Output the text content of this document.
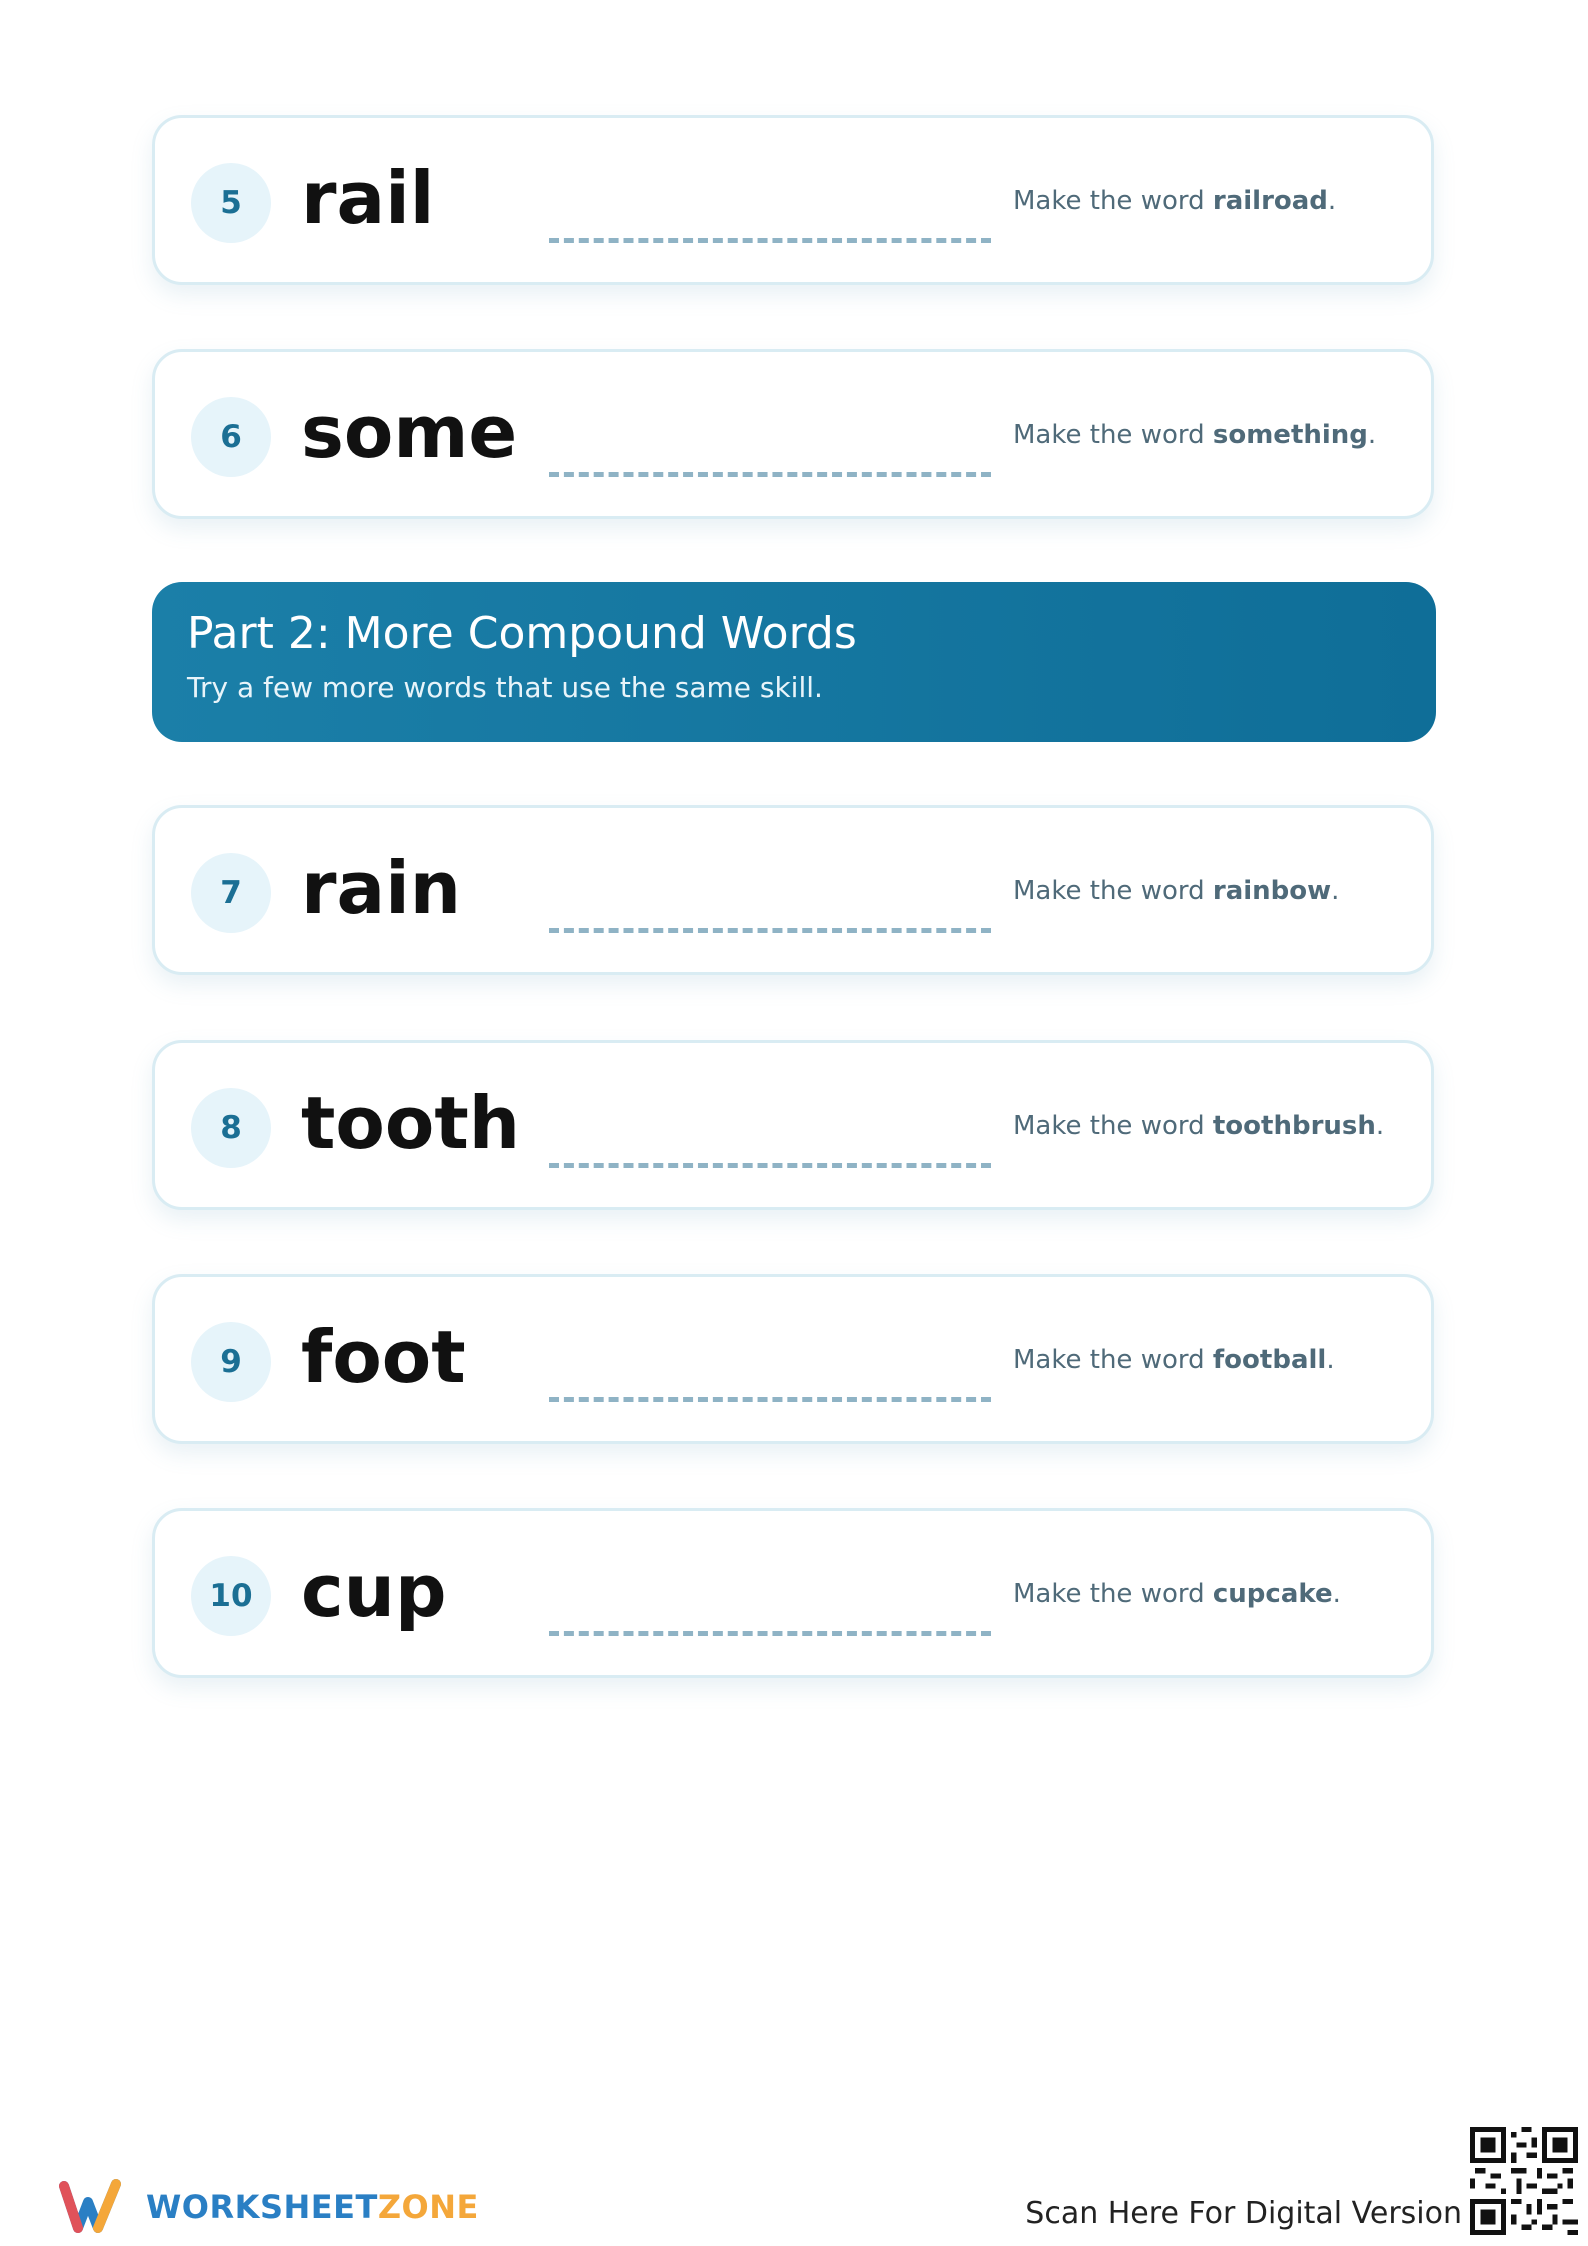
5 rail	Make the word railroad.
6 some	Make the word something.
Part 2: More Compound Words
Try a few more words that use the same skill.
7 rain	Make the word rainbow.
8 tooth	Make the word toothbrush.
9 foot	Make the word football.
10 cup	Make the word cupcake.
WORKSHEETZONE	Scan Here For Digital Version
